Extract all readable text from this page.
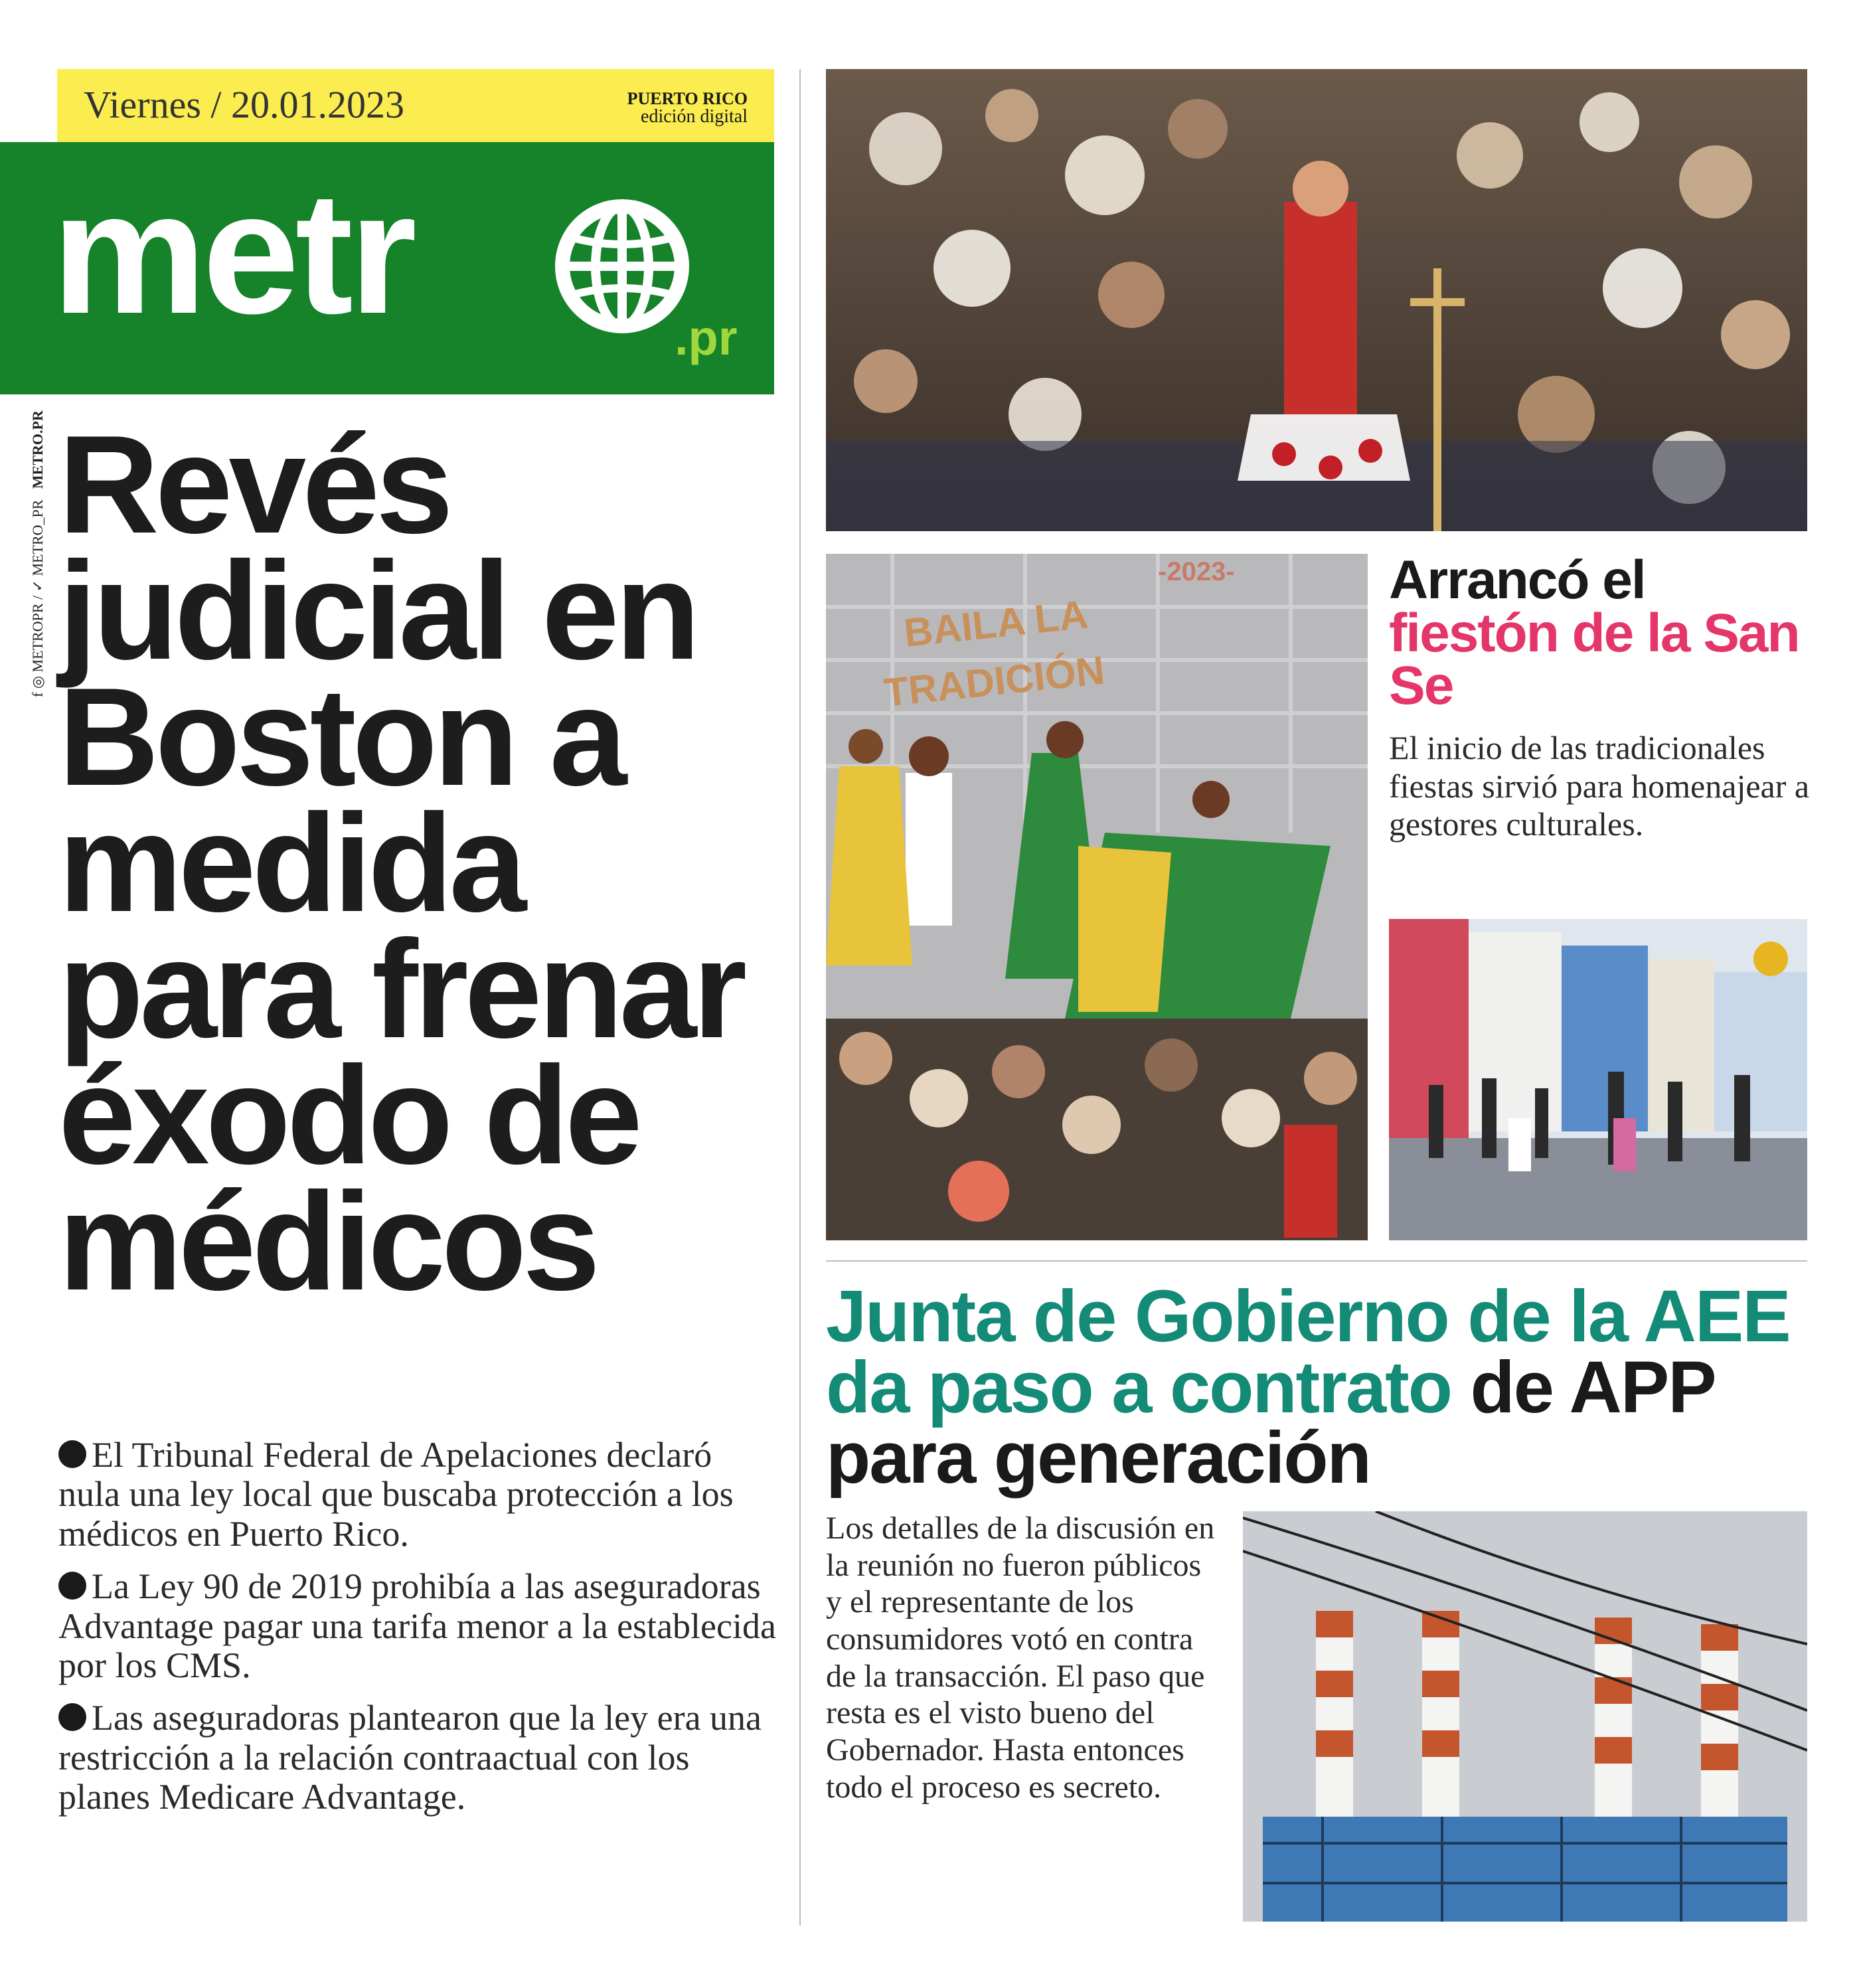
Viernes / 20.01.2023	PUERTO RICO
edición digital
metr	.pr
f ◎ METROPR / ✓ METRO_PR   METRO.PR Revés judicial en Boston a medida para frenar éxodo de médicos

El Tribunal Federal de Apelaciones declaró nula una ley local que buscaba protección a los médicos en Puerto Rico.

La Ley 90 de 2019 prohibía a las aseguradoras Advantage pagar una tarifa menor a la establecida por los CMS.

Las aseguradoras plantearon que la ley era una restricción a la relación contraactual con los planes Medicare Advantage.

-2023-
BAILA LA
TRADICIÓN
Arrancó el
fiestón de la San Se

El inicio de las tradicionales fiestas sirvió para homenajear a gestores culturales.

Junta de Gobierno de la AEE da paso a contrato de APP para generación

Los detalles de la discusión en la reunión no fueron públicos y el representante de los consumidores votó en contra de la transacción. El paso que resta es el visto bueno del Gobernador. Hasta entonces todo el proceso es secreto.
